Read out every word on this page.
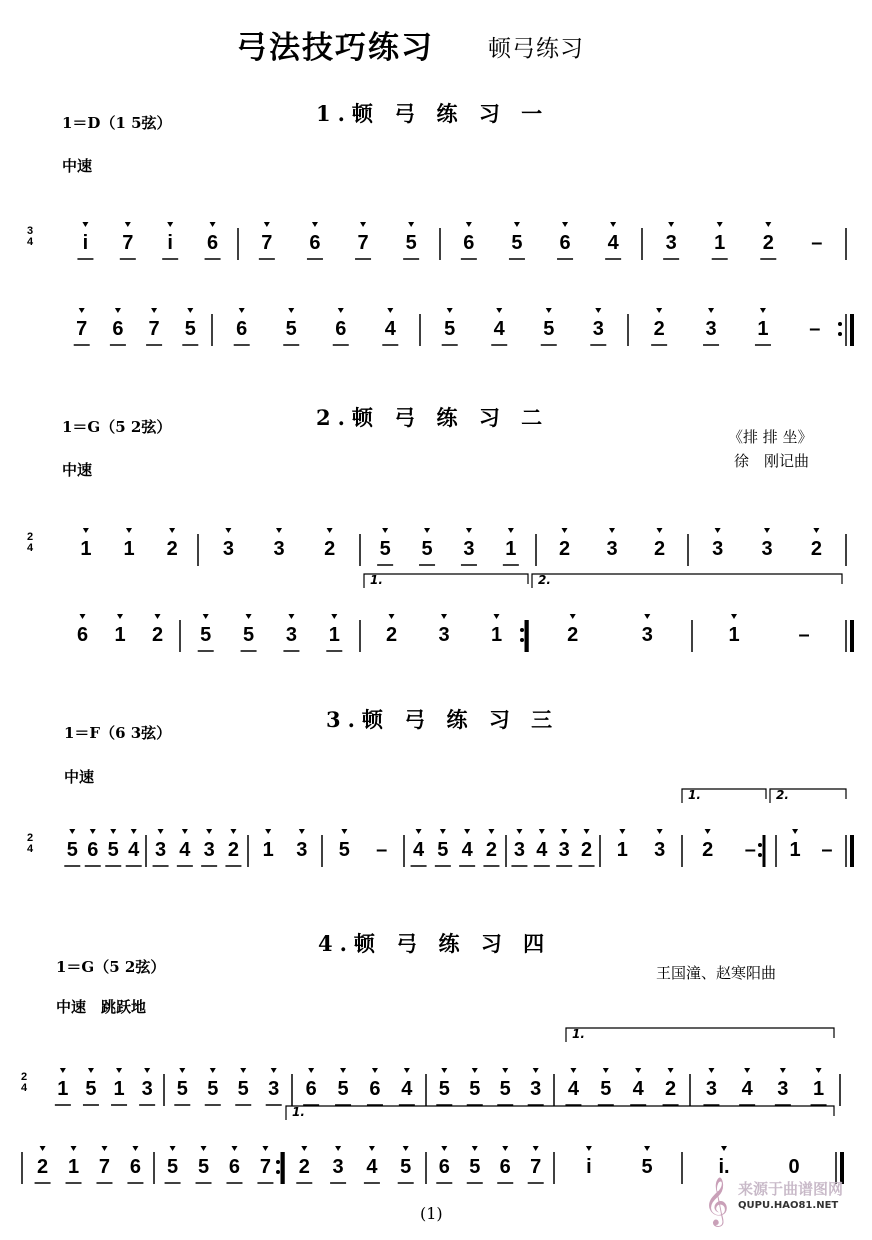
弓法技巧练习 顿弓练习
1.顿 弓 练 习 一
1＝D（1 5弦）
中速
3
4 i 7 i 6 7 6 7 5 6 5 6 4 3 1 2 –
7 6 7 5 6 5 6 4 5 4 5 3 2 3 1 –
2.顿 弓 练 习 二
1＝G（5 2弦）
《排 排 坐》
徐　刚记曲
中速
2
4 1 1 2 3 3 2 5 5 3 1 2 3 2 3 3 2
1.	2.
6 1 2 5 5 3 1 2 3 1	2	3	1	–
3.顿 弓 练 习 三
1＝F（6 3弦）
中速
2
4
1.	2.
5 6 5 4 3 4 3 2 1 3 5 – 4 5 4 2 3 4 3 2 1 3 2 – 1 –
4.顿 弓 练 习 四
1＝G（5 2弦）	王国潼、赵寒阳曲
中速　跳跃地
2
4
1.
1 5 1 3 5 5 5 3 6 5 6 4 5 5 5 3 4 5 4 2 3 4 3 1
1.
2 1 7 6 5 5 6 7 2 3 4 5 6 5 6 7 i 5	i.	0
(1)	𝄞 来源于曲谱图网
QUPU.HAO81.NET
